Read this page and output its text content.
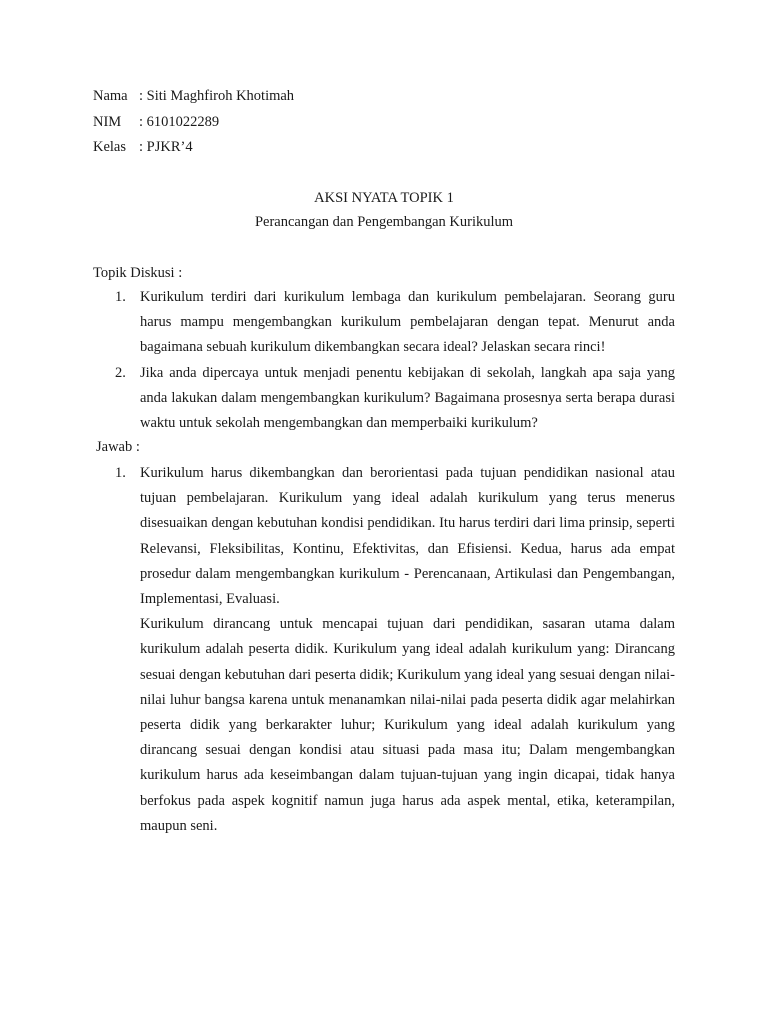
Nama : Siti Maghfiroh Khotimah
NIM : 6101022289
Kelas : PJKR’4
AKSI NYATA TOPIK 1
Perancangan dan Pengembangan Kurikulum
Topik Diskusi :
1. Kurikulum terdiri dari kurikulum lembaga dan kurikulum pembelajaran. Seorang guru harus mampu mengembangkan kurikulum pembelajaran dengan tepat. Menurut anda bagaimana sebuah kurikulum dikembangkan secara ideal? Jelaskan secara rinci!
2. Jika anda dipercaya untuk menjadi penentu kebijakan di sekolah, langkah apa saja yang anda lakukan dalam mengembangkan kurikulum? Bagaimana prosesnya serta berapa durasi waktu untuk sekolah mengembangkan dan memperbaiki kurikulum?
Jawab :
1. Kurikulum harus dikembangkan dan berorientasi pada tujuan pendidikan nasional atau tujuan pembelajaran. Kurikulum yang ideal adalah kurikulum yang terus menerus disesuaikan dengan kebutuhan kondisi pendidikan. Itu harus terdiri dari lima prinsip, seperti Relevansi, Fleksibilitas, Kontinu, Efektivitas, dan Efisiensi. Kedua, harus ada empat prosedur dalam mengembangkan kurikulum - Perencanaan, Artikulasi dan Pengembangan, Implementasi, Evaluasi.
Kurikulum dirancang untuk mencapai tujuan dari pendidikan, sasaran utama dalam kurikulum adalah peserta didik. Kurikulum yang ideal adalah kurikulum yang: Dirancang sesuai dengan kebutuhan dari peserta didik; Kurikulum yang ideal yang sesuai dengan nilai-nilai luhur bangsa karena untuk menanamkan nilai-nilai pada peserta didik agar melahirkan peserta didik yang berkarakter luhur; Kurikulum yang ideal adalah kurikulum yang dirancang sesuai dengan kondisi atau situasi pada masa itu; Dalam mengembangkan kurikulum harus ada keseimbangan dalam tujuan-tujuan yang ingin dicapai, tidak hanya berfokus pada aspek kognitif namun juga harus ada aspek mental, etika, keterampilan, maupun seni.
